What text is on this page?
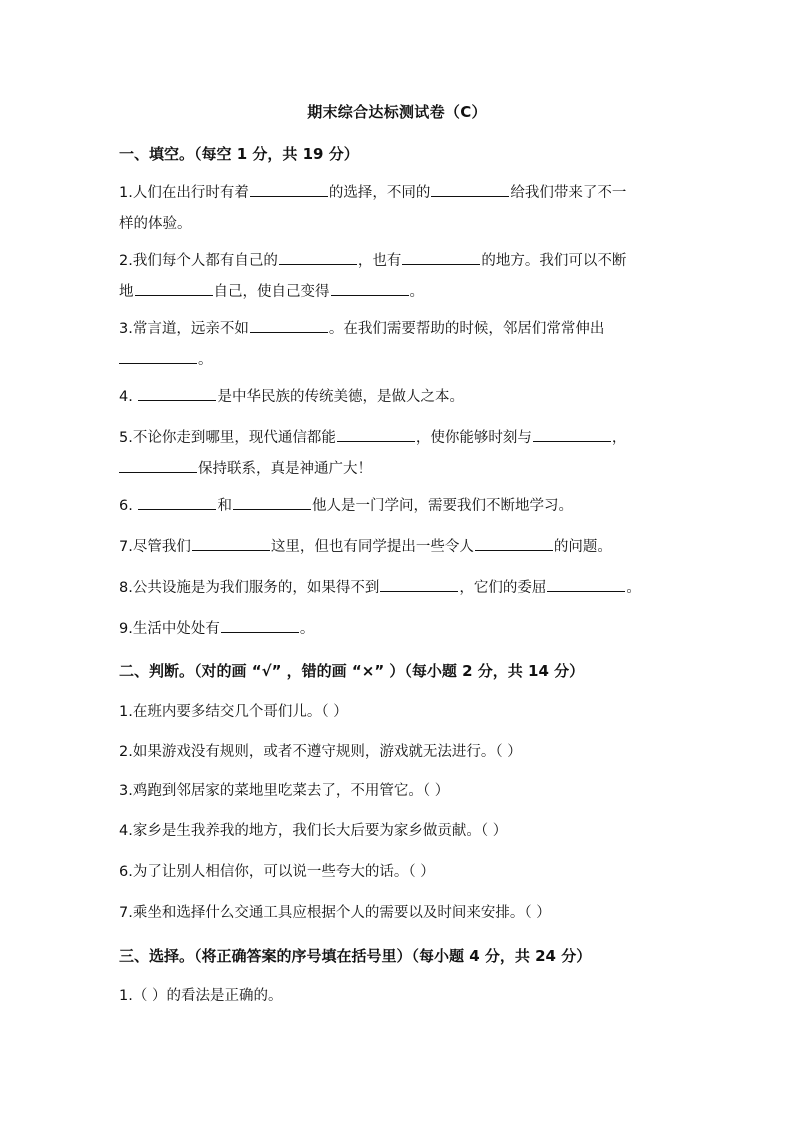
期末综合达标测试卷（C）
一、填空。（每空 1 分，共 19 分）
1.人们在出行时有着	的选择，不同的	给我们带来了不一
样的体验。
2.我们每个人都有自己的	，也有	的地方。我们可以不断
地	自己，使自己变得	。
3.常言道，远亲不如	。在我们需要帮助的时候，邻居们常常伸出
。
4.	是中华民族的传统美德，是做人之本。
5.不论你走到哪里，现代通信都能	，使你能够时刻与	，
保持联系，真是神通广大！
6.	和	他人是一门学问，需要我们不断地学习。
7.尽管我们	这里，但也有同学提出一些令人	的问题。
8.公共设施是为我们服务的，如果得不到	，它们的委屈	。
9.生活中处处有	。
二、判断。（对的画 “√” ，错的画 “×” ）（每小题 2 分，共 14 分）
1.在班内要多结交几个哥们儿。（ ）
2.如果游戏没有规则，或者不遵守规则，游戏就无法进行。（ ）
3.鸡跑到邻居家的菜地里吃菜去了，不用管它。（ ）
4.家乡是生我养我的地方，我们长大后要为家乡做贡献。（ ）
6.为了让别人相信你，可以说一些夸大的话。（ ）
7.乘坐和选择什么交通工具应根据个人的需要以及时间来安排。（ ）
三、选择。（将正确答案的序号填在括号里）（每小题 4 分，共 24 分）
1.（ ）的看法是正确的。
